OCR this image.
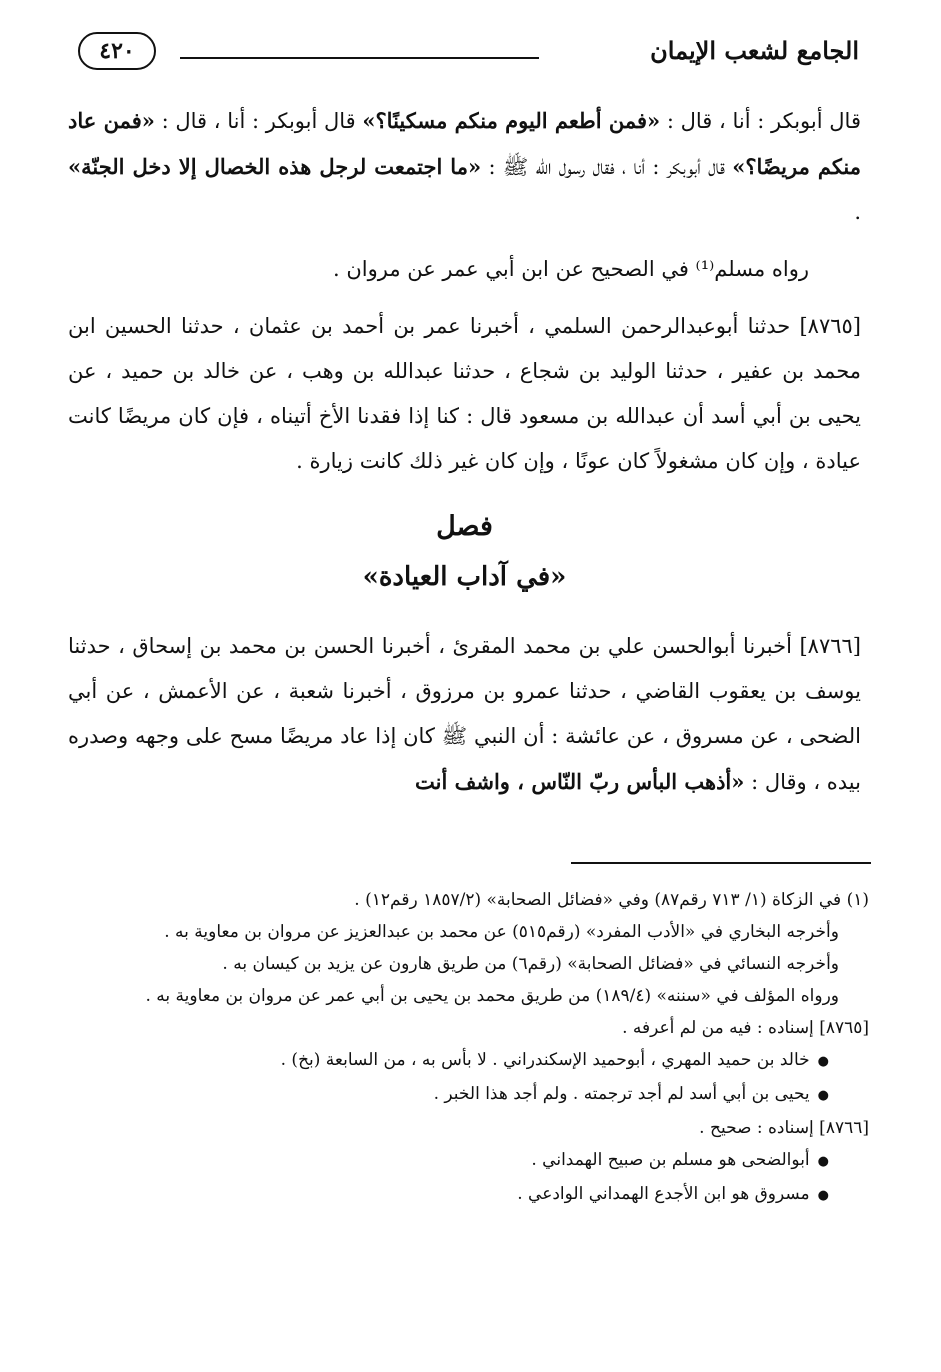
٤٢٠	الجامع لشعب الإيمان

قال أبوبكر : أنا ، قال : «فمن أطعم اليوم منكم مسكينًا؟» قال أبوبكر : أنا ، قال : «فمن عاد منكم مريضًا؟» قال أبوبكر : أنا ، فقال رسول الله ﷺ : «ما اجتمعت لرجل هذه الخصال إلا دخل الجنّة» .

رواه مسلم⁽¹⁾ في الصحيح عن ابن أبي عمر عن مروان .

[٨٧٦٥] حدثنا أبوعبدالرحمن السلمي ، أخبرنا عمر بن أحمد بن عثمان ، حدثنا الحسين ابن محمد بن عفير ، حدثنا الوليد بن شجاع ، حدثنا عبدالله بن وهب ، عن خالد بن حميد ، عن يحيى بن أبي أسد أن عبدالله بن مسعود قال : كنا إذا فقدنا الأخ أتيناه ، فإن كان مريضًا كانت عيادة ، وإن كان مشغولاً كان عونًا ، وإن كان غير ذلك كانت زيارة .

فصل
«في آداب العيادة»

[٨٧٦٦] أخبرنا أبوالحسن علي بن محمد المقرئ ، أخبرنا الحسن بن محمد بن إسحاق ، حدثنا يوسف بن يعقوب القاضي ، حدثنا عمرو بن مرزوق ، أخبرنا شعبة ، عن الأعمش ، عن أبي الضحى ، عن مسروق ، عن عائشة : أن النبي ﷺ كان إذا عاد مريضًا مسح على وجهه وصدره بيده ، وقال : «أذهب البأس ربّ النّاس ، واشف أنت

(١) في الزكاة (١/ ٧١٣ رقم٨٧) وفي «فضائل الصحابة» (١٨٥٧/٢ رقم١٢) .

وأخرجه البخاري في «الأدب المفرد» (رقم٥١٥) عن محمد بن عبدالعزيز عن مروان بن معاوية به .

وأخرجه النسائي في «فضائل الصحابة» (رقم٦) من طريق هارون عن يزيد بن كيسان به .

ورواه المؤلف في «سننه» (١٨٩/٤) من طريق محمد بن يحيى بن أبي عمر عن مروان بن معاوية به .

[٨٧٦٥] إسناده : فيه من لم أعرفه .

● خالد بن حميد المهري ، أبوحميد الإسكندراني . لا بأس به ، من السابعة (بخ) .
● يحيى بن أبي أسد لم أجد ترجمته . ولم أجد هذا الخبر .

[٨٧٦٦] إسناده : صحيح .

● أبوالضحى هو مسلم بن صبيح الهمداني .
● مسروق هو ابن الأجدع الهمداني الوادعي .
